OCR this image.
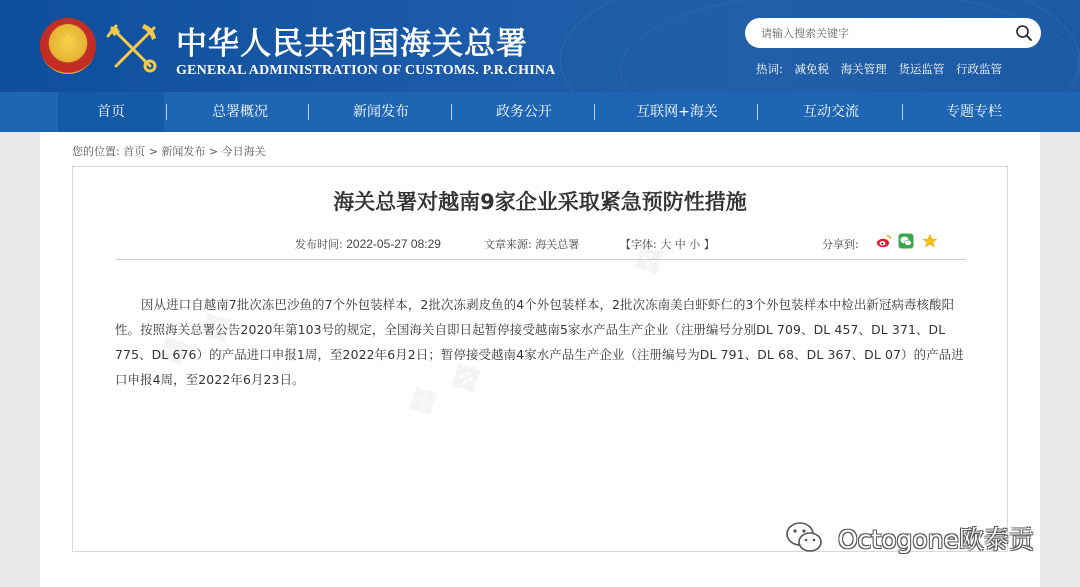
★	中华人民共和国海关总署
GENERAL ADMINISTRATION OF CUSTOMS. P.R.CHINA
请输入搜索关键字	热词: 减免税 海关管理 货运监管 行政监管
首页	总署概况	新闻发布	政务公开	互联网+海关	互动交流	专题专栏
您的位置: 首页 > 新闻发布 > 今日海关
海关总署对越南9家企业采取紧急预防性措施
发布时间: 2022-05-27 08:29	文章来源: 海关总署	【字体: 大 中 小 】	分享到:
因从进口自越南7批次冻巴沙鱼的7个外包装样本，2批次冻剥皮鱼的4个外包装样本，2批次冻南美白虾虾仁的3个外包装样本中检出新冠病毒核酸阳性。按照海关总署公告2020年第103号的规定，全国海关自即日起暂停接受越南5家水产品生产企业（注册编号分别DL 709、DL 457、DL 371、DL 775、DL 676）的产品进口申报1周，至2022年6月2日；暂停接受越南4家水产品生产企业（注册编号为DL 791、DL 68、DL 367、DL 07）的产品进口申报4周，至2022年6月23日。
Octogone欧泰贡
